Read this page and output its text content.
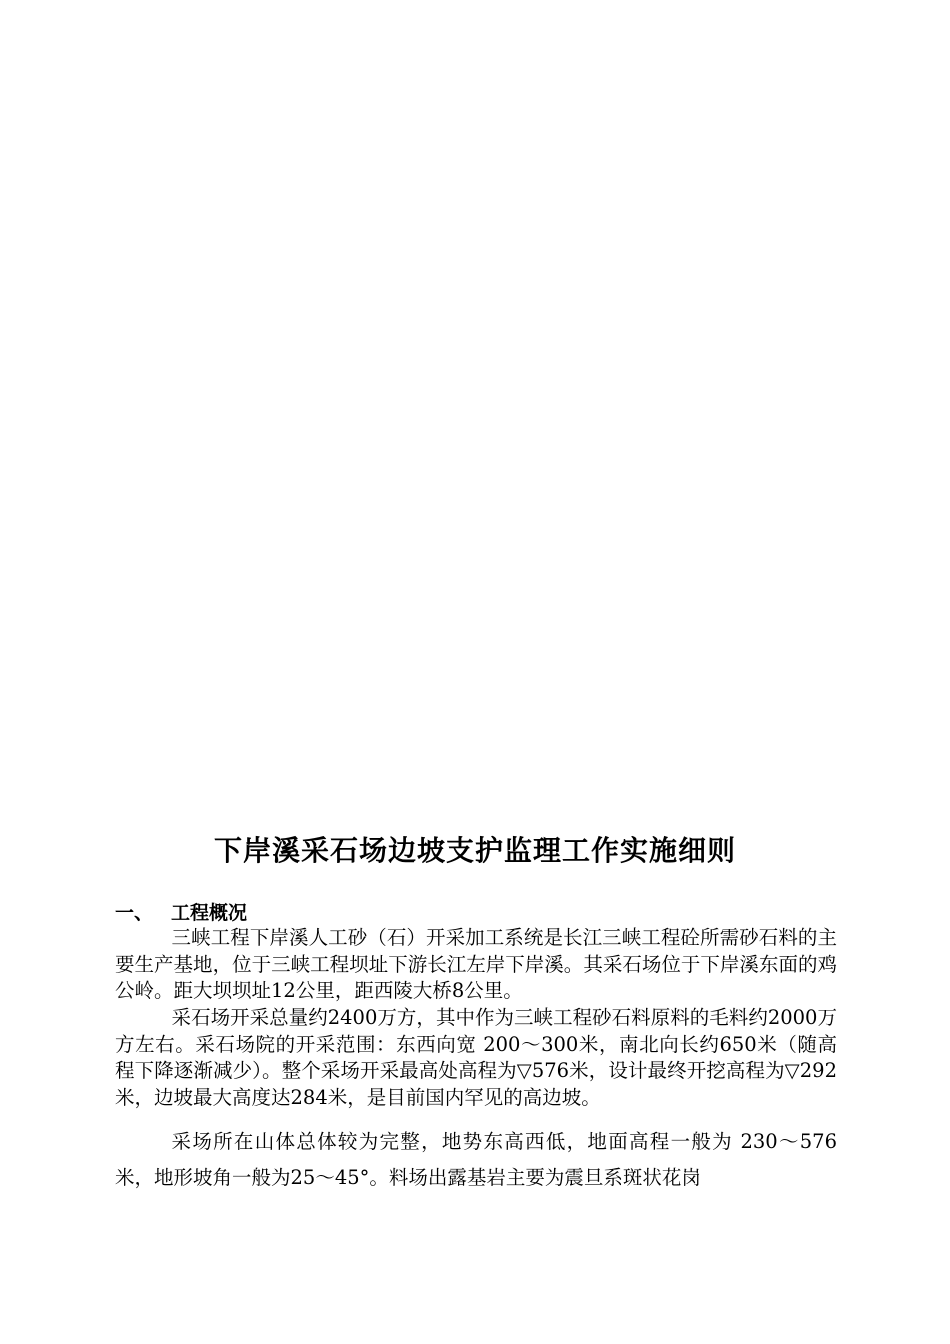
下岸溪采石场边坡支护监理工作实施细则
一、 工程概况

三峡工程下岸溪人工砂（石）开采加工系统是长江三峡工程砼所需砂石料的主要生产基地，位于三峡工程坝址下游长江左岸下岸溪。其采石场位于下岸溪东面的鸡公岭。距大坝坝址12公里，距西陵大桥8公里。

采石场开采总量约2400万方，其中作为三峡工程砂石料原料的毛料约2000万方左右。采石场院的开采范围：东西向宽 200～300米，南北向长约650米（随高程下降逐渐减少）。整个采场开采最高处高程为▽576米，设计最终开挖高程为▽292米，边坡最大高度达284米，是目前国内罕见的高边坡。

采场所在山体总体较为完整，地势东高西低，地面高程一般为 230～576米，地形坡角一般为25～45°。料场出露基岩主要为震旦系斑状花岗
